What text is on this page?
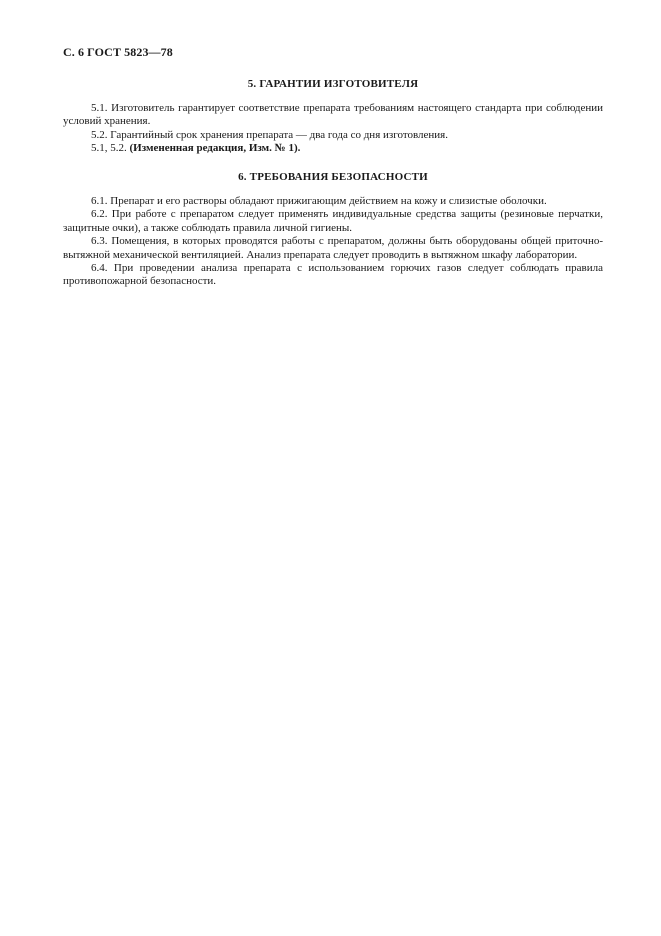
С. 6 ГОСТ 5823—78
5. ГАРАНТИИ ИЗГОТОВИТЕЛЯ

5.1. Изготовитель гарантирует соответствие препарата требованиям настоящего стандарта при соблюдении условий хранения.

5.2. Гарантийный срок хранения препарата — два года со дня изготовления.

5.1, 5.2. (Измененная редакция, Изм. № 1).

6. ТРЕБОВАНИЯ БЕЗОПАСНОСТИ

6.1. Препарат и его растворы обладают прижигающим действием на кожу и слизистые оболочки.

6.2. При работе с препаратом следует применять индивидуальные средства защиты (резиновые перчатки, защитные очки), а также соблюдать правила личной гигиены.

6.3. Помещения, в которых проводятся работы с препаратом, должны быть оборудованы общей приточно-вытяжной механической вентиляцией. Анализ препарата следует проводить в вытяжном шкафу лаборатории.

6.4. При проведении анализа препарата с использованием горючих газов следует соблюдать правила противопожарной безопасности.
